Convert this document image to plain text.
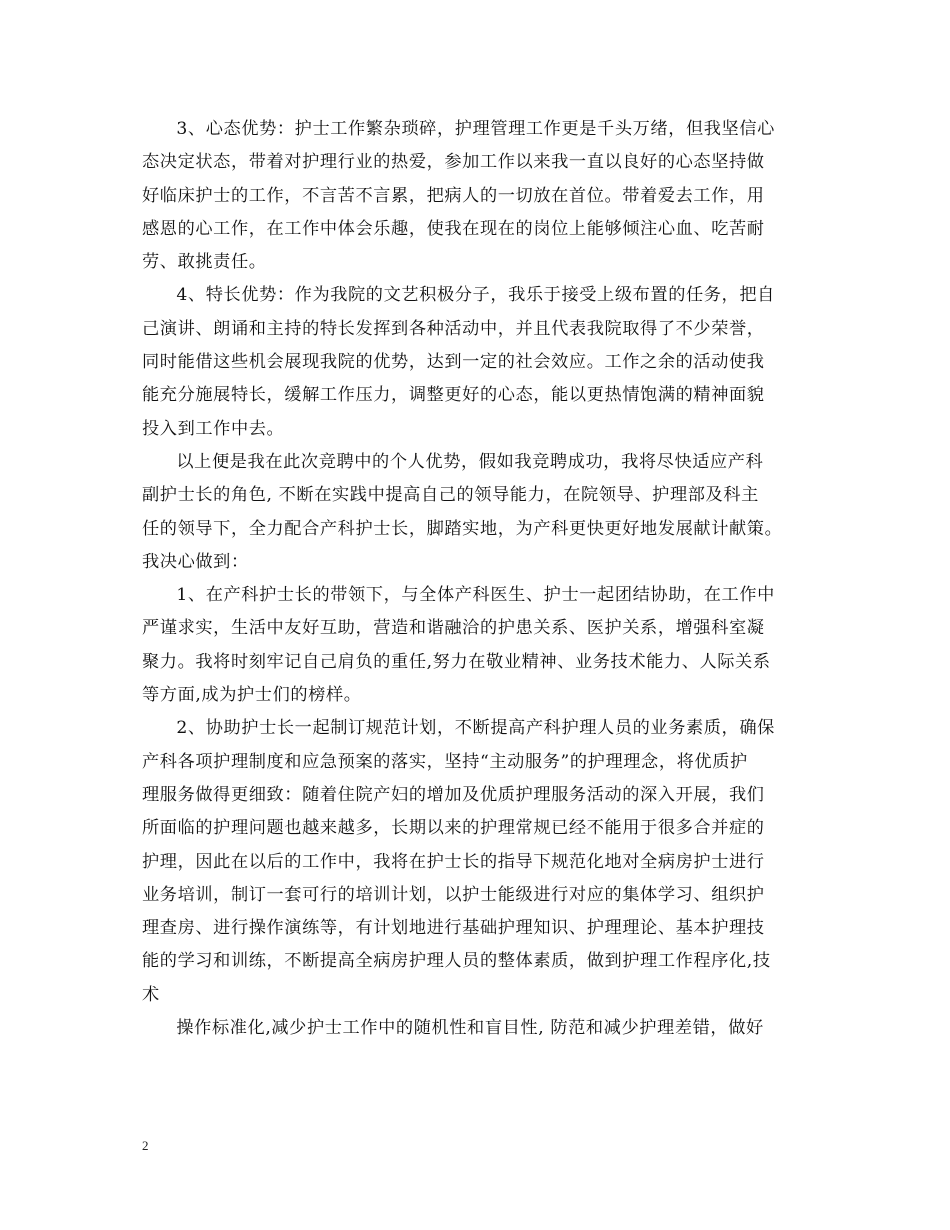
3、心态优势：护士工作繁杂琐碎，护理管理工作更是千头万绪，但我坚信心
态决定状态，带着对护理行业的热爱，参加工作以来我一直以良好的心态坚持做
好临床护士的工作，不言苦不言累，把病人的一切放在首位。带着爱去工作，用
感恩的心工作，在工作中体会乐趣，使我在现在的岗位上能够倾注心血、吃苦耐
劳、敢挑责任。

4、特长优势：作为我院的文艺积极分子，我乐于接受上级布置的任务，把自
己演讲、朗诵和主持的特长发挥到各种活动中，并且代表我院取得了不少荣誉，
同时能借这些机会展现我院的优势，达到一定的社会效应。工作之余的活动使我
能充分施展特长，缓解工作压力，调整更好的心态，能以更热情饱满的精神面貌
投入到工作中去。

以上便是我在此次竞聘中的个人优势，假如我竞聘成功，我将尽快适应产科
副护士长的角色, 不断在实践中提高自己的领导能力，在院领导、护理部及科主
任的领导下，全力配合产科护士长，脚踏实地，为产科更快更好地发展献计献策。
我决心做到：

1、在产科护士长的带领下，与全体产科医生、护士一起团结协助，在工作中
严谨求实，生活中友好互助，营造和谐融洽的护患关系、医护关系，增强科室凝
聚力。我将时刻牢记自己肩负的重任,努力在敬业精神、业务技术能力、人际关系
等方面,成为护士们的榜样。

2、协助护士长一起制订规范计划，不断提高产科护理人员的业务素质，确保
产科各项护理制度和应急预案的落实，坚持“主动服务”的护理理念，将优质护
理服务做得更细致：随着住院产妇的增加及优质护理服务活动的深入开展，我们
所面临的护理问题也越来越多，长期以来的护理常规已经不能用于很多合并症的
护理，因此在以后的工作中，我将在护士长的指导下规范化地对全病房护士进行
业务培训，制订一套可行的培训计划，以护士能级进行对应的集体学习、组织护
理查房、进行操作演练等，有计划地进行基础护理知识、护理理论、基本护理技
能的学习和训练，不断提高全病房护理人员的整体素质，做到护理工作程序化,技
术

操作标准化,减少护士工作中的随机性和盲目性, 防范和减少护理差错，做好

2
